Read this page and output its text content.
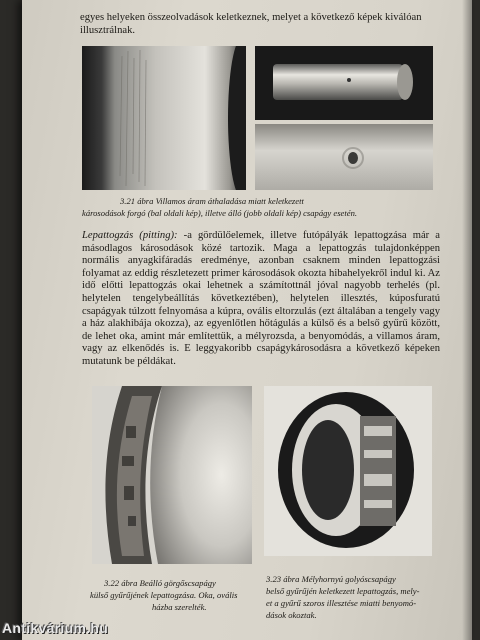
egyes helyeken összeolvadások keletkeznek, melyet a következő képek kiválóan
illusztrálnak.
3.21 ábra Villamos áram áthaladása miatt keletkezett
károsodások forgó (bal oldali kép), illetve álló (jobb oldali kép) csapágy esetén.
Lepattogzás (pitting): -a gördülőelemek, illetve futópályák lepattogzása már a másodlagos károsodások közé tartozik. Maga a lepattogzás tulajdonképpen normális anyagkifáradás eredménye, azonban csaknem minden lepattogzási folyamat az eddig részletezett primer károsodások okozta hibahelyekről indul ki. Az idő előtti lepattogzás okai lehetnek a számítottnál jóval nagyobb terhelés (pl. helytelen tengelybeállítás következtében), helytelen illesztés, kúposfuratú csapágyak túlzott felnyomása a kúpra, ovális eltorzulás (ezt általában a tengely vagy a ház alakhibája okozza), az egyenlőtlen hőtágulás a külső és a belső gyűrű között, de lehet oka, amint már említettük, a mélyrozsda, a benyomódás, a villamos áram, vagy az elkenődés is. E leggyakoribb csapágykárosodásra a következő képeken mutatunk be példákat.
3.22 ábra Beálló görgőscsapágy
külső gyűrűjének lepattogzása. Oka, ovális
házba szerelték.
3.23 ábra Mélyhornyú golyóscsapágy
belső gyűrűjén keletkezett lepattogzás, mely-
et a gyűrű szoros illesztése miatti benyomó-
dások okoztak.
Antikvárium.hu
